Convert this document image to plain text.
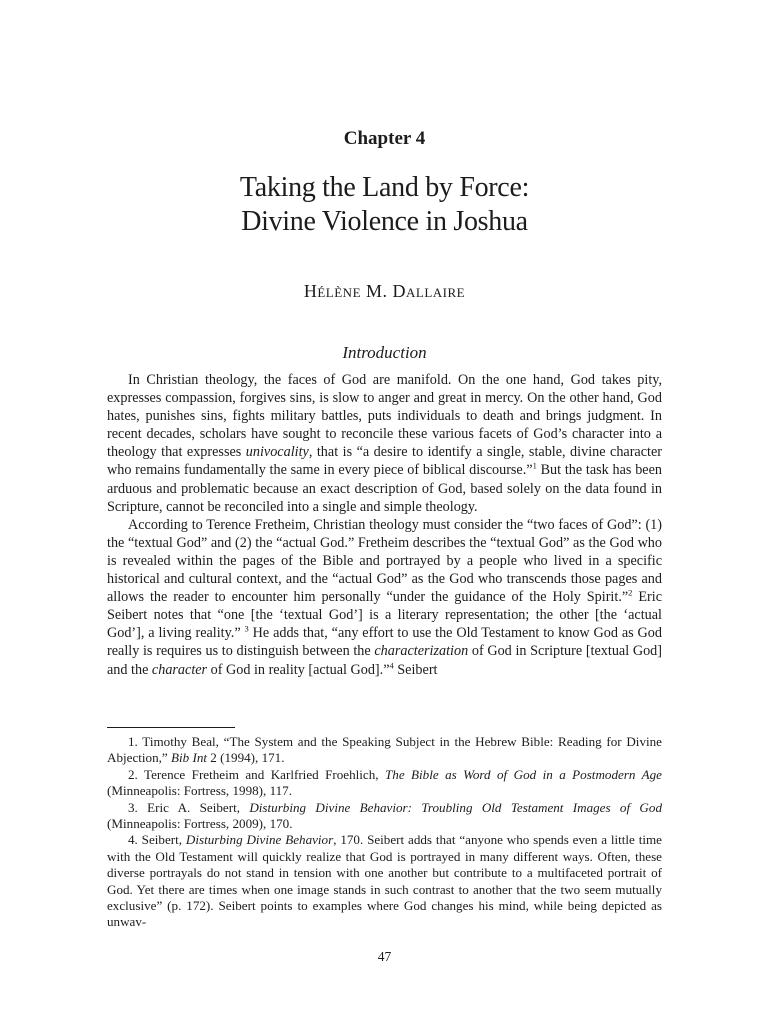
Chapter 4
Taking the Land by Force:
Divine Violence in Joshua
Hélène M. Dallaire
Introduction

In Christian theology, the faces of God are manifold. On the one hand, God takes pity, expresses compassion, forgives sins, is slow to anger and great in mercy. On the other hand, God hates, punishes sins, fights military battles, puts individuals to death and brings judgment. In recent decades, scholars have sought to reconcile these various facets of God’s character into a theology that expresses univocality, that is “a desire to identify a single, stable, divine character who remains fundamentally the same in every piece of biblical discourse.”$^1$ But the task has been arduous and problematic because an exact description of God, based solely on the data found in Scripture, cannot be reconciled into a single and simple theology.

According to Terence Fretheim, Christian theology must consider the “two faces of God”: (1) the “textual God” and (2) the “actual God.” Fretheim describes the “textual God” as the God who is revealed within the pages of the Bible and portrayed by a people who lived in a specific historical and cultural context, and the “actual God” as the God who transcends those pages and allows the reader to encounter him personally “under the guidance of the Holy Spirit.”$^2$ Eric Seibert notes that “one [the ‘textual God’] is a literary representation; the other [the ‘actual God’], a living reality.” $^3$ He adds that, “any effort to use the Old Testament to know God as God really is requires us to distinguish between the characterization of God in Scripture [textual God] and the character of God in reality [actual God].”$^4$ Seibert

1. Timothy Beal, “The System and the Speaking Subject in the Hebrew Bible: Reading for Divine Abjection,” Bib Int 2 (1994), 171.

2. Terence Fretheim and Karlfried Froehlich, The Bible as Word of God in a Postmodern Age (Minneapolis: Fortress, 1998), 117.

3. Eric A. Seibert, Disturbing Divine Behavior: Troubling Old Testament Images of God (Minneapolis: Fortress, 2009), 170.

4. Seibert, Disturbing Divine Behavior, 170. Seibert adds that “anyone who spends even a little time with the Old Testament will quickly realize that God is portrayed in many different ways. Often, these diverse portrayals do not stand in tension with one another but contribute to a multifaceted portrait of God. Yet there are times when one image stands in such contrast to another that the two seem mutually exclusive” (p. 172). Seibert points to examples where God changes his mind, while being depicted as unwav-

47
